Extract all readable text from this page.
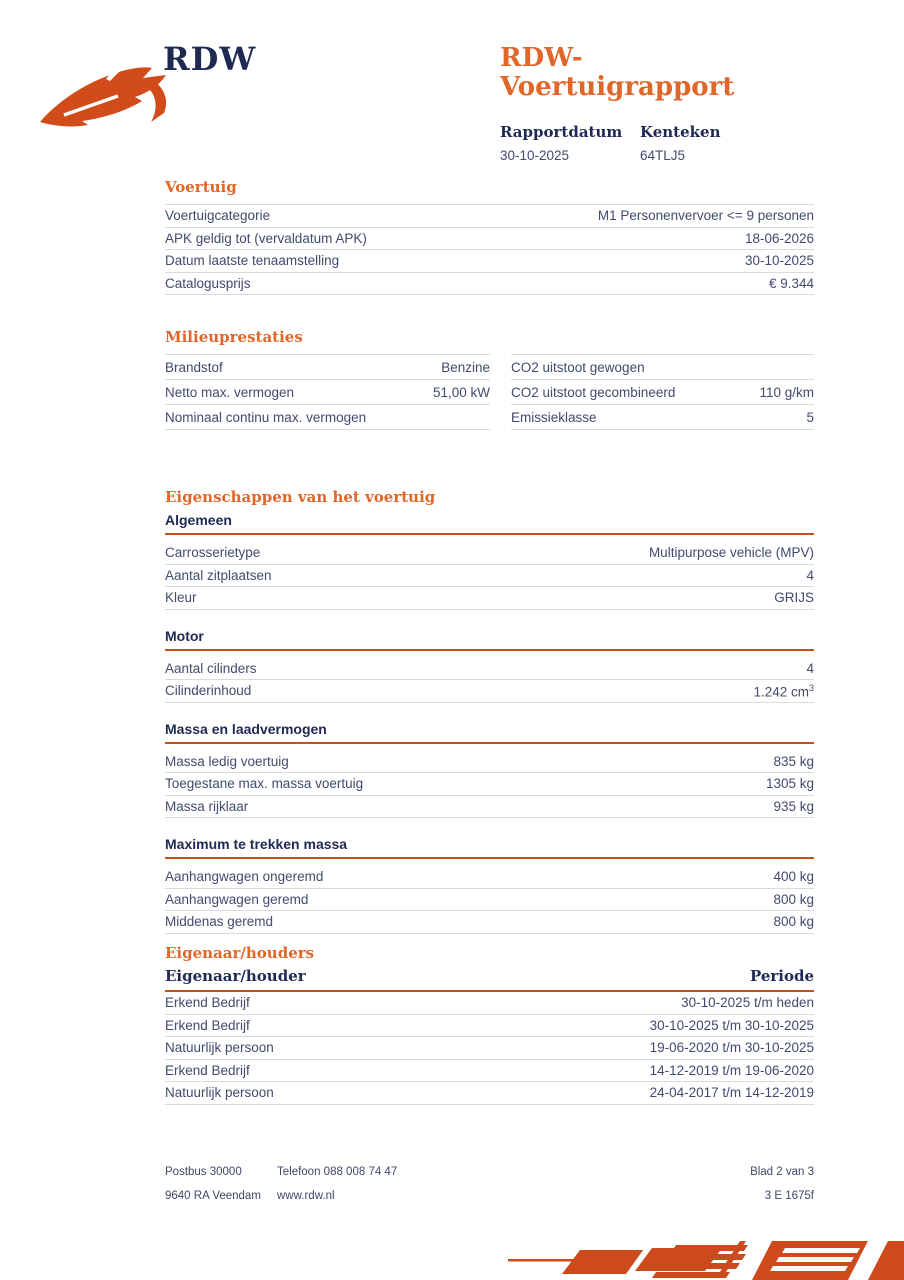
RDW	RDW-Voertuigrapport
Rapportdatum
30-10-2025
Kenteken
64TLJ5
Voertuig
Voertuigcategorie	M1 Personenvervoer <= 9 personen
APK geldig tot (vervaldatum APK)	18-06-2026
Datum laatste tenaamstelling	30-10-2025
Catalogusprijs	€ 9.344
Milieuprestaties
Brandstof	Benzine
Netto max. vermogen	51,00 kW
Nominaal continu max. vermogen
CO2 uitstoot gewogen
CO2 uitstoot gecombineerd	110 g/km
Emissieklasse	5
Eigenschappen van het voertuig
Algemeen
Carrosserietype	Multipurpose vehicle (MPV)
Aantal zitplaatsen	4
Kleur	GRIJS
Motor
Aantal cilinders	4
Cilinderinhoud	1.242 $cm^3$
Massa en laadvermogen
Massa ledig voertuig	835 kg
Toegestane max. massa voertuig	1305 kg
Massa rijklaar	935 kg
Maximum te trekken massa
Aanhangwagen ongeremd	400 kg
Aanhangwagen geremd	800 kg
Middenas geremd	800 kg
Eigenaar/houders
Eigenaar/houder	Periode
Erkend Bedrijf	30-10-2025 t/m heden
Erkend Bedrijf	30-10-2025 t/m 30-10-2025
Natuurlijk persoon	19-06-2020 t/m 30-10-2025
Erkend Bedrijf	14-12-2019 t/m 19-06-2020
Natuurlijk persoon	24-04-2017 t/m 14-12-2019
Postbus 30000
9640 RA Veendam
Telefoon 088 008 74 47
www.rdw.nl
Blad 2 van 3
3 E 1675f
